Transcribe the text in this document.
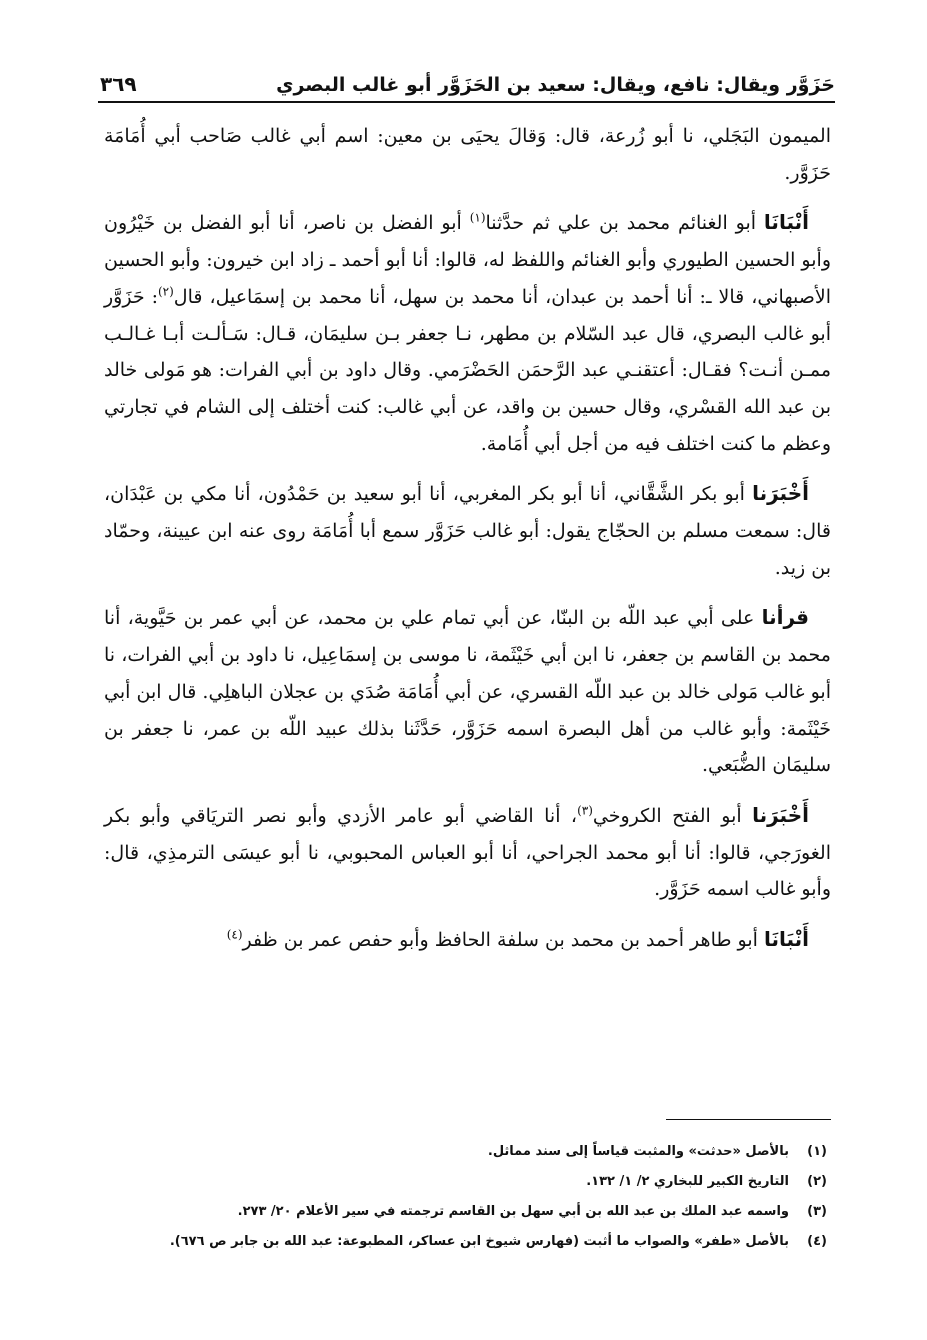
حَزَوَّر ويقال: نافع، ويقال: سعيد بن الحَزَوَّر أبو غالب البصري
٣٦٩

الميمون البَجَلي، نا أبو زُرعة، قال: وَقالَ يحيَى بن معين: اسم أبي غالب صَاحب أبي أُمَامَة حَزَوَّر.

أَنْبَانَا أبو الغنائم محمد بن علي ثم حدَّثنا$^{(١)}$ أبو الفضل بن ناصر، أنا أبو الفضل بن خَيْرُون وأبو الحسين الطيوري وأبو الغنائم واللفظ له، قالوا: أنا أبو أحمد ـ زاد ابن خيرون: وأبو الحسين الأصبهاني، قالا ـ: أنا أحمد بن عبدان، أنا محمد بن سهل، أنا محمد بن إسمَاعيل، قال$^{(٢)}$: حَزَوَّر أبو غالب البصري، قال عبد السّلام بن مطهر، نـا جعفر بـن سليمَان، قـال: سَـألـت أبـا غـالـب ممـن أنـت؟ فقـال: أعتقنـي عبد الرَّحمَن الحَضْرَمي. وقال داود بن أبي الفرات: هو مَولى خالد بن عبد الله القسْري، وقال حسين بن واقد، عن أبي غالب: كنت أختلف إلى الشام في تجارتي وعظم ما كنت اختلف فيه من أجل أبي أُمَامة.

أَخْبَرَنا أبو بكر الشَّقَّاني، أنا أبو بكر المغربي، أنا أبو سعيد بن حَمْدُون، أنا مكي بن عَبْدَان، قال: سمعت مسلم بن الحجّاج يقول: أبو غالب حَزَوَّر سمع أبا أُمَامَة روى عنه ابن عيينة، وحمّاد بن زيد.

قرأنا على أبي عبد اللّه بن البنّا، عن أبي تمام علي بن محمد، عن أبي عمر بن حَيَّوية، أنا محمد بن القاسم بن جعفر، نا ابن أبي خَيْثَمة، نا موسى بن إسمَاعِيل، نا داود بن أبي الفرات، نا أبو غالب مَولى خالد بن عبد اللّه القسري، عن أبي أُمَامَة صُدَي بن عجلان الباهلِي. قال ابن أبي خَيْثَمة: وأبو غالب من أهل البصرة اسمه حَزَوَّر، حَدَّثَنا بذلك عبيد اللّه بن عمر، نا جعفر بن سليمَان الضُّبَعي.

أَخْبَرَنا أبو الفتح الكروخي$^{(٣)}$، أنا القاضي أبو عامر الأزدي وأبو نصر التريَاقي وأبو بكر الغورَجي، قالوا: أنا أبو محمد الجراحي، أنا أبو العباس المحبوبي، نا أبو عيسَى الترمذِي، قال: وأبو غالب اسمه حَزَوَّر.

أَنْبَانَا أبو طاهر أحمد بن محمد بن سلفة الحافظ وأبو حفص عمر بن ظفر$^{(٤)}$

(١)
بالأصل «حدثت» والمثبت قياساً إلى سند مماثل.
(٢)
التاريخ الكبير للبخاري ٢/ ١/ ١٣٢.
(٣)
واسمه عبد الملك بن عبد الله بن أبي سهل بن القاسم ترجمته في سير الأعلام ٢٠/ ٢٧٣.
(٤)
بالأصل «طفر» والصواب ما أثبت (فهارس شيوخ ابن عساكر، المطبوعة: عبد الله بن جابر ص ٦٧٦).
